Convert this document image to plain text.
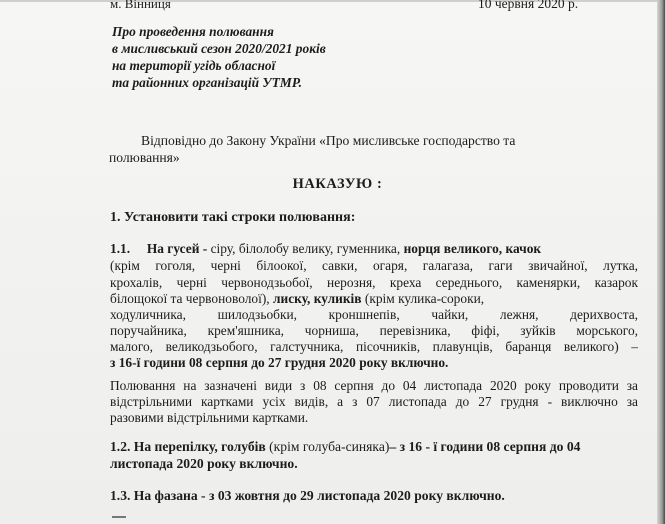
м. Вінниця	10 червня 2020 р.
Про проведення полювання
в мисливський сезон 2020/2021 років
на території угідь обласної
та районних організацій УТМР.
Відповідно до Закону України «Про мисливське господарство та
полювання»
НАКАЗУЮ :
1. Установити такі строки полювання:
1.1. На гусей - сіру, білолобу велику, гуменника, норця великого, качок
(крім гоголя, черні білоокої, савки, огаря, галагаза, гаги звичайної, лутка,
крохалів, черні червонодзьобої, нерозня, креха середнього, каменярки, казарок
білощокої та червоноволої), лиску, куликів (крім кулика-сороки,
ходуличника, шилодзьобки, кроншнепів, чайки, лежня, дерихвоста,
поручайника, крем'яшника, чорниша, перевізника, фіфі, зуйків морського,
малого, великодзьобого, галстучника, пісочників, плавунців, баранця великого) –
з 16-ї години 08 серпня до 27 грудня 2020 року включно.
Полювання на зазначені види з 08 серпня до 04 листопада 2020 року проводити за
відстрільними картками усіх видів, а з 07 листопада до 27 грудня - виключно за
разовими відстрільними картками.
1.2. На перепілку, голубів (крім голуба-синяка)– з 16 - ї години 08 серпня до 04
листопада 2020 року включно.
1.3. На фазана - з 03 жовтня до 29 листопада 2020 року включно.
